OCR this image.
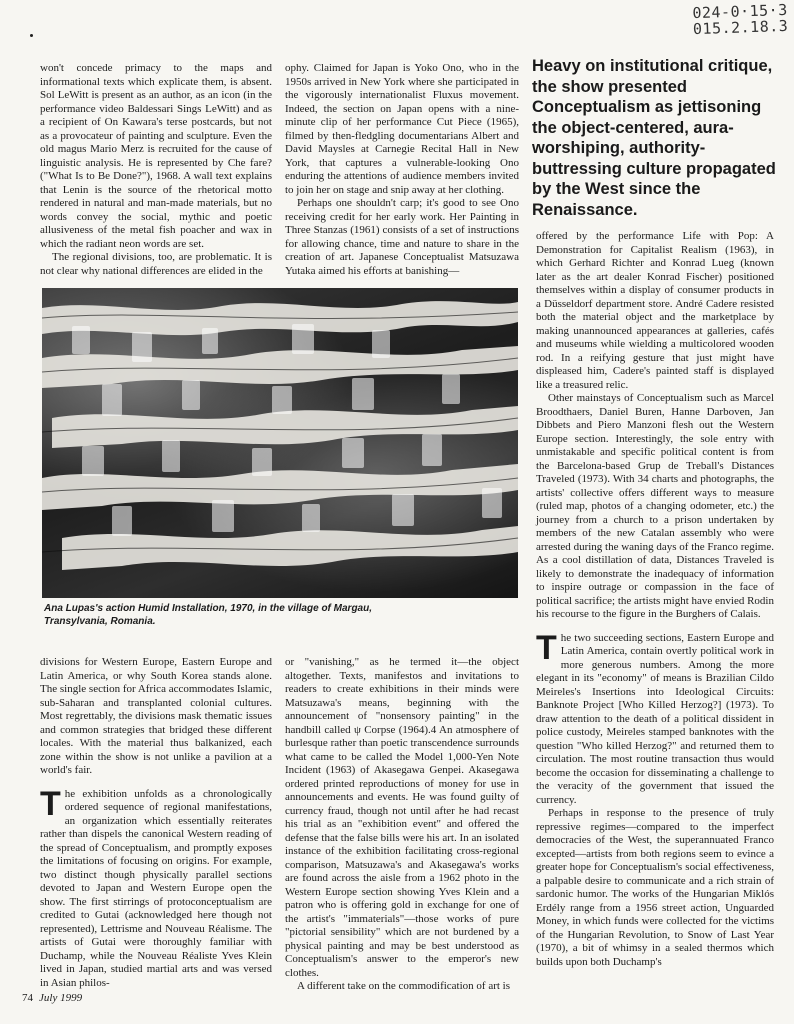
024-0·15·3
015.2.18.3

won't concede primacy to the maps and informational texts which explicate them, is absent. Sol LeWitt is present as an author, as an icon (in the performance video Baldessari Sings LeWitt) and as a recipient of On Kawara's terse postcards, but not as a provocateur of painting and sculpture. Even the old magus Mario Merz is recruited for the cause of linguistic analysis. He is represented by Che fare? ("What Is to Be Done?"), 1968. A wall text explains that Lenin is the source of the rhetorical motto rendered in natural and man-made materials, but no words convey the social, mythic and poetic allusiveness of the metal fish poacher and wax in which the radiant neon words are set.

The regional divisions, too, are problematic. It is not clear why national differences are elided in the

ophy. Claimed for Japan is Yoko Ono, who in the 1950s arrived in New York where she participated in the vigorously internationalist Fluxus movement. Indeed, the section on Japan opens with a nine-minute clip of her performance Cut Piece (1965), filmed by then-fledgling documentarians Albert and David Maysles at Carnegie Recital Hall in New York, that captures a vulnerable-looking Ono enduring the attentions of audience members invited to join her on stage and snip away at her clothing.

Perhaps one shouldn't carp; it's good to see Ono receiving credit for her early work. Her Painting in Three Stanzas (1961) consists of a set of instructions for allowing chance, time and nature to share in the creation of art. Japanese Conceptualist Matsuzawa Yutaka aimed his efforts at banishing—

Heavy on institutional critique, the show presented Conceptualism as jettisoning the object-centered, aura-worshiping, authority-buttressing culture propagated by the West since the Renaissance.
Ana Lupas's action Humid Installation, 1970, in the village of Margau, Transylvania, Romania.

offered by the performance Life with Pop: A Demonstration for Capitalist Realism (1963), in which Gerhard Richter and Konrad Lueg (known later as the art dealer Konrad Fischer) positioned themselves within a display of consumer products in a Düsseldorf department store. André Cadere resisted both the material object and the marketplace by making unannounced appearances at galleries, cafés and museums while wielding a multicolored wooden rod. In a reifying gesture that just might have displeased him, Cadere's painted staff is displayed like a treasured relic.

Other mainstays of Conceptualism such as Marcel Broodthaers, Daniel Buren, Hanne Darboven, Jan Dibbets and Piero Manzoni flesh out the Western Europe section. Interestingly, the sole entry with unmistakable and specific political content is from the Barcelona-based Grup de Treball's Distances Traveled (1973). With 34 charts and photographs, the artists' collective offers different ways to measure (ruled map, photos of a changing odometer, etc.) the journey from a church to a prison undertaken by members of the new Catalan assembly who were arrested during the waning days of the Franco regime. As a cool distillation of data, Distances Traveled is likely to demonstrate the inadequacy of information to inspire outrage or compassion in the face of political sacrifice; the artists might have envied Rodin his recourse to the figure in the Burghers of Calais.

The two succeeding sections, Eastern Europe and Latin America, contain overtly political work in more generous numbers. Among the more elegant in its "economy" of means is Brazilian Cildo Meireles's Insertions into Ideological Circuits: Banknote Project [Who Killed Herzog?] (1973). To draw attention to the death of a political dissident in police custody, Meireles stamped banknotes with the question "Who killed Herzog?" and returned them to circulation. The most routine transaction thus would become the occasion for disseminating a challenge to the veracity of the government that issued the currency.

Perhaps in response to the presence of truly repressive regimes—compared to the imperfect democracies of the West, the superannuated Franco excepted—artists from both regions seem to evince a greater hope for Conceptualism's social effectiveness, a palpable desire to communicate and a rich strain of sardonic humor. The works of the Hungarian Miklós Erdély range from a 1956 street action, Unguarded Money, in which funds were collected for the victims of the Hungarian Revolution, to Snow of Last Year (1970), a bit of whimsy in a sealed thermos which builds upon both Duchamp's

divisions for Western Europe, Eastern Europe and Latin America, or why South Korea stands alone. The single section for Africa accommodates Islamic, sub-Saharan and transplanted colonial cultures. Most regrettably, the divisions mask thematic issues and common strategies that bridged these different locales. With the material thus balkanized, each zone within the show is not unlike a pavilion at a world's fair.

The exhibition unfolds as a chronologically ordered sequence of regional manifestations, an organization which essentially reiterates rather than dispels the canonical Western reading of the spread of Conceptualism, and promptly exposes the limitations of focusing on origins. For example, two distinct though physically parallel sections devoted to Japan and Western Europe open the show. The first stirrings of protoconceptualism are credited to Gutai (acknowledged here though not represented), Lettrisme and Nouveau Réalisme. The artists of Gutai were thoroughly familiar with Duchamp, while the Nouveau Réaliste Yves Klein lived in Japan, studied martial arts and was versed in Asian philos-

or "vanishing," as he termed it—the object altogether. Texts, manifestos and invitations to readers to create exhibitions in their minds were Matsuzawa's means, beginning with the announcement of "nonsensory painting" in the handbill called ψ Corpse (1964).4 An atmosphere of burlesque rather than poetic transcendence surrounds what came to be called the Model 1,000-Yen Note Incident (1963) of Akasegawa Genpei. Akasegawa ordered printed reproductions of money for use in announcements and events. He was found guilty of currency fraud, though not until after he had recast his trial as an "exhibition event" and offered the defense that the false bills were his art. In an isolated instance of the exhibition facilitating cross-regional comparison, Matsuzawa's and Akasegawa's works are found across the aisle from a 1962 photo in the Western Europe section showing Yves Klein and a patron who is offering gold in exchange for one of the artist's "immaterials"—those works of pure "pictorial sensibility" which are not burdened by a physical painting and may be best understood as Conceptualism's answer to the emperor's new clothes.

A different take on the commodification of art is

74 July 1999
